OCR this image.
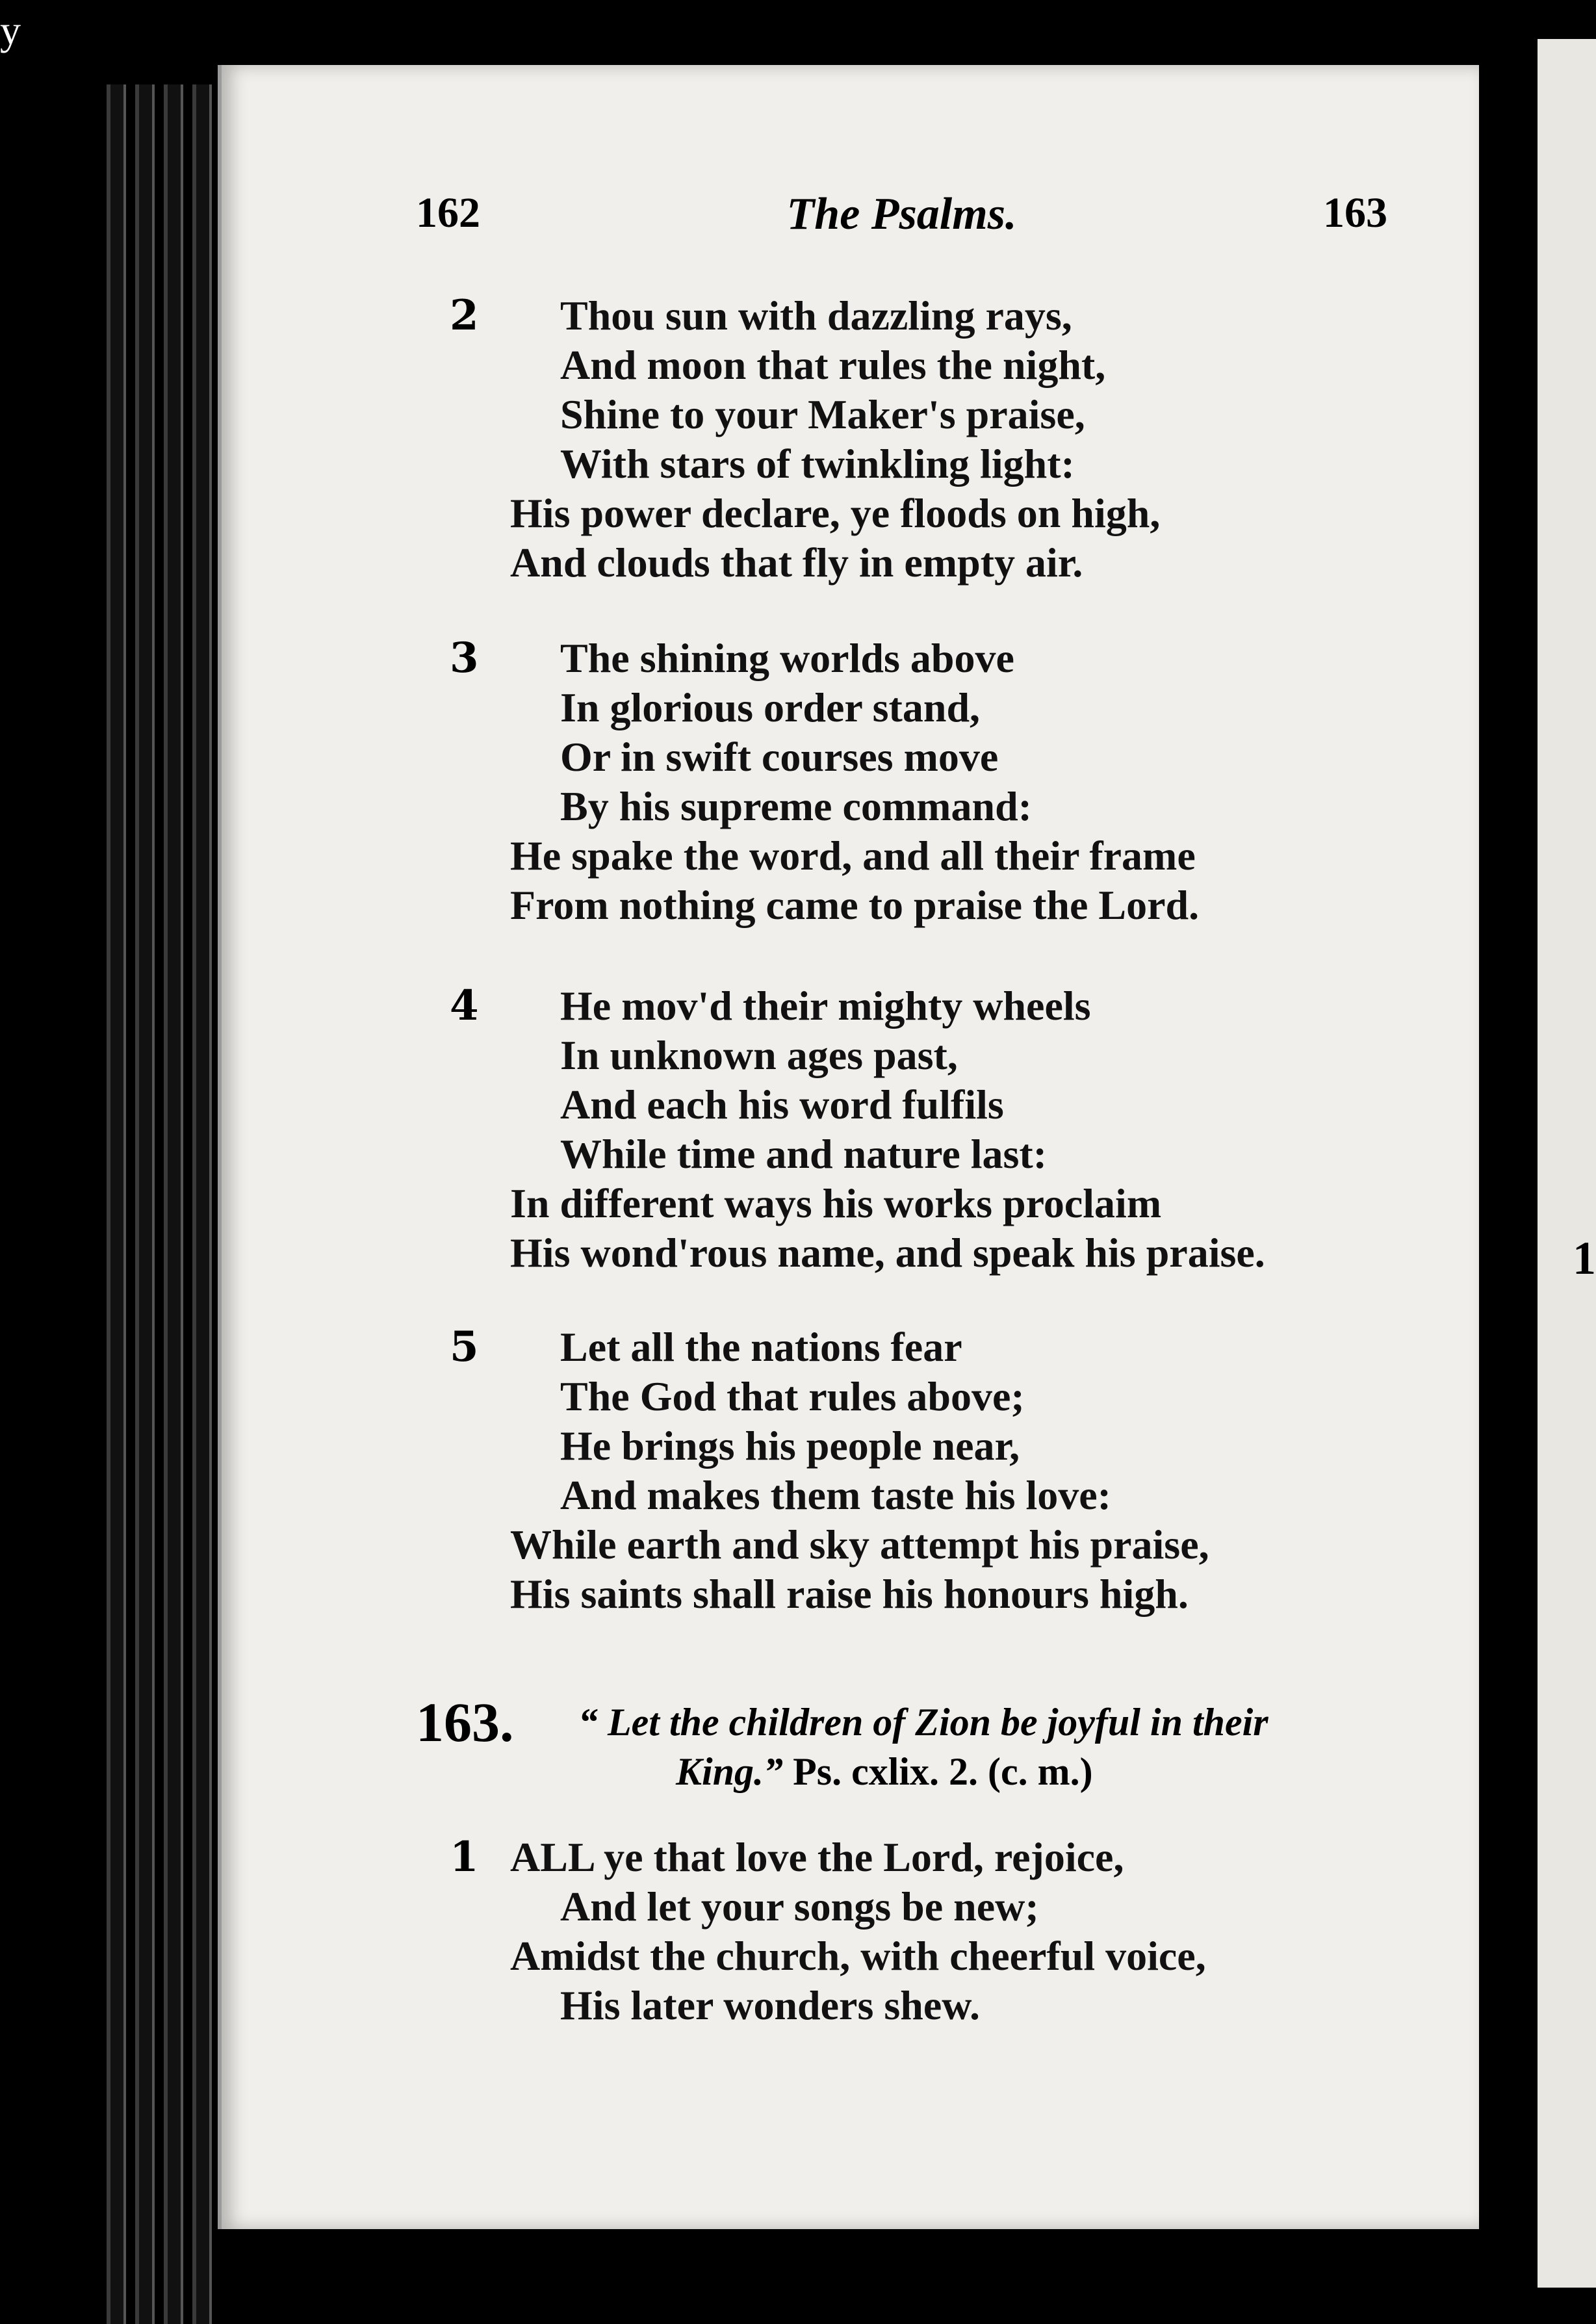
y
1
162	The Psalms.	163
2	Thou sun with dazzling rays,
And moon that rules the night,
Shine to your Maker's praise,
With stars of twinkling light:
His power declare, ye floods on high,
And clouds that fly in empty air.
3	The shining worlds above
In glorious order stand,
Or in swift courses move
By his supreme command:
He spake the word, and all their frame
From nothing came to praise the Lord.
4	He mov'd their mighty wheels
In unknown ages past,
And each his word fulfils
While time and nature last:
In different ways his works proclaim
His wond'rous name, and speak his praise.
5	Let all the nations fear
The God that rules above;
He brings his people near,
And makes them taste his love:
While earth and sky attempt his praise,
His saints shall raise his honours high.
163. “ Let the children of Zion be joyful in their
King.” Ps. cxlix. 2. (c. m.)
1 ALL ye that love the Lord, rejoice,
And let your songs be new;
Amidst the church, with cheerful voice,
His later wonders shew.
